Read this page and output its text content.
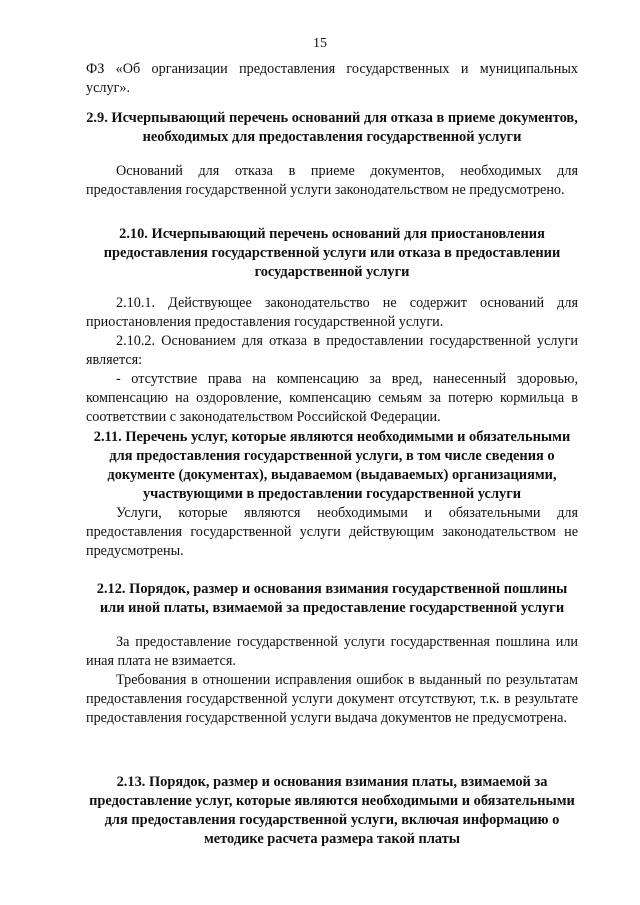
15

ФЗ «Об организации предоставления государственных и муниципальных услуг».

2.9. Исчерпывающий перечень оснований для отказа в приеме документов, необходимых для предоставления государственной услуги

Оснований для отказа в приеме документов, необходимых для предоставления государственной услуги законодательством не предусмотрено.

2.10. Исчерпывающий перечень оснований для приостановления предоставления государственной услуги или отказа в предоставлении государственной услуги

2.10.1. Действующее законодательство не содержит оснований для приостановления предоставления государственной услуги.

2.10.2. Основанием для отказа в предоставлении государственной услуги является:

- отсутствие права на компенсацию за вред, нанесенный здоровью, компенсацию на оздоровление, компенсацию семьям за потерю кормильца в соответствии с законодательством Российской Федерации.

2.11. Перечень услуг, которые являются необходимыми и обязательными для предоставления государственной услуги, в том числе сведения о документе (документах), выдаваемом (выдаваемых) организациями, участвующими в предоставлении государственной услуги

Услуги, которые являются необходимыми и обязательными для предоставления государственной услуги действующим законодательством не предусмотрены.

2.12. Порядок, размер и основания взимания государственной пошлины или иной платы, взимаемой за предоставление государственной услуги

За предоставление государственной услуги государственная пошлина или иная плата не взимается.

Требования в отношении исправления ошибок в выданный по результатам предоставления государственной услуги документ отсутствуют, т.к. в результате предоставления государственной услуги выдача документов не предусмотрена.

2.13. Порядок, размер и основания взимания платы, взимаемой за предоставление услуг, которые являются необходимыми и обязательными для предоставления государственной услуги, включая информацию о методике расчета размера такой платы
